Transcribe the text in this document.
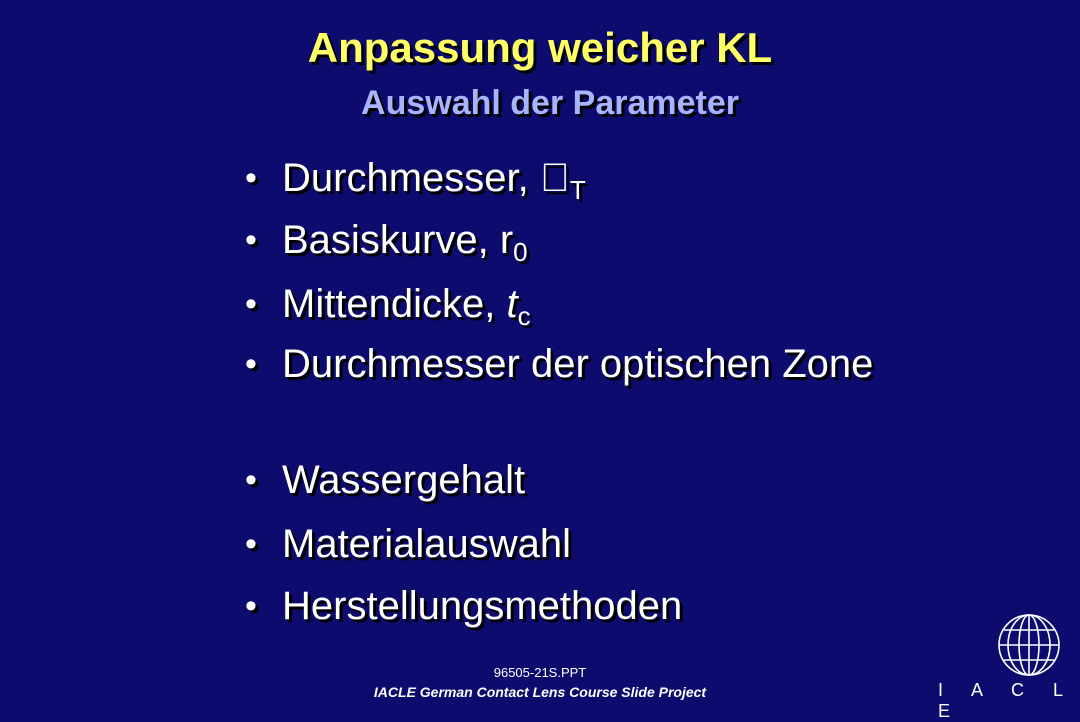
Anpassung weicher KL
Auswahl der Parameter
• Durchmesser, $_T$
• Basiskurve, $r_0$
• Mittendicke, $t_c$
• Durchmesser der optischen Zone
• Wassergehalt
• Materialauswahl
• Herstellungsmethoden
96505-21S.PPT
IACLE German Contact Lens Course Slide Project	I A C L E
